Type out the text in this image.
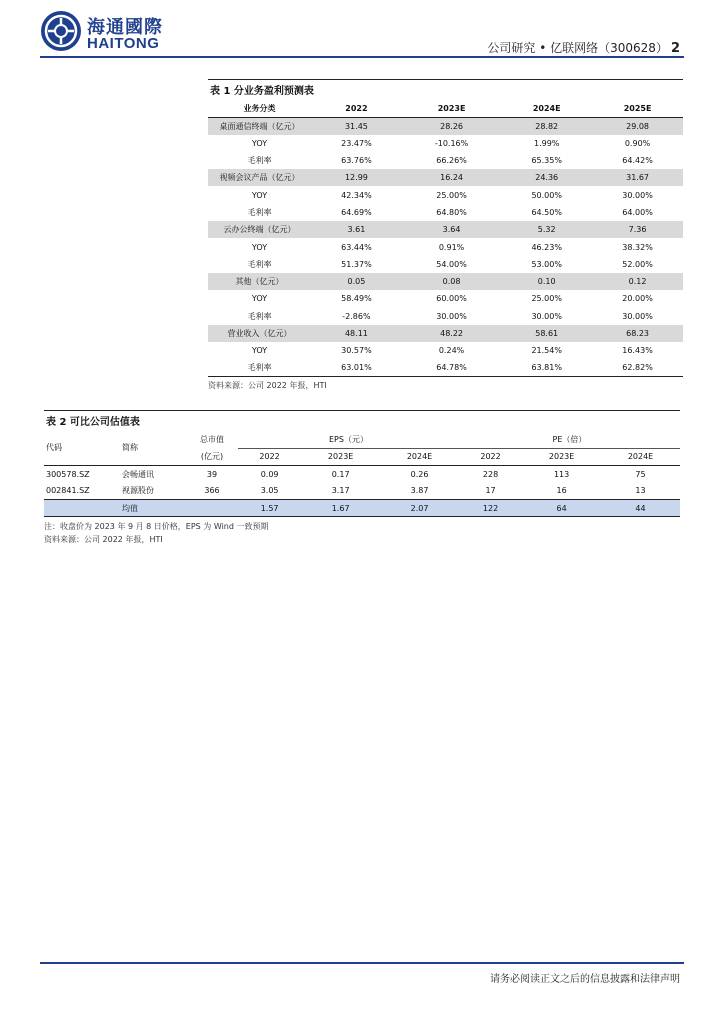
海通國際
HAITONG	公司研究 • 亿联网络（300628） 2
表 1 分业务盈利预测表
业务分类	2022	2023E	2024E	2025E
桌面通信终端（亿元）	31.45	28.26	28.82	29.08
YOY	23.47%	-10.16%	1.99%	0.90%
毛利率	63.76%	66.26%	65.35%	64.42%
视频会议产品（亿元）	12.99	16.24	24.36	31.67
YOY	42.34%	25.00%	50.00%	30.00%
毛利率	64.69%	64.80%	64.50%	64.00%
云办公终端（亿元）	3.61	3.64	5.32	7.36
YOY	63.44%	0.91%	46.23%	38.32%
毛利率	51.37%	54.00%	53.00%	52.00%
其他（亿元）	0.05	0.08	0.10	0.12
YOY	58.49%	60.00%	25.00%	20.00%
毛利率	-2.86%	30.00%	30.00%	30.00%
营业收入（亿元）	48.11	48.22	58.61	68.23
YOY	30.57%	0.24%	21.54%	16.43%
毛利率	63.01%	64.78%	63.81%	62.82%
资料来源：公司 2022 年报，HTI
表 2 可比公司估值表
代码	简称	总市值	EPS（元）			PE（倍）		
		(亿元)	2022	2023E	2024E	2022	2023E	2024E
300578.SZ	会畅通讯	39	0.09	0.17	0.26	228	113	75
002841.SZ	视源股份	366	3.05	3.17	3.87	17	16	13
	均值		1.57	1.67	2.07	122	64	44
注：收盘价为 2023 年 9 月 8 日价格，EPS 为 Wind 一致预期
资料来源：公司 2022 年报，HTI
请务必阅读正文之后的信息披露和法律声明
